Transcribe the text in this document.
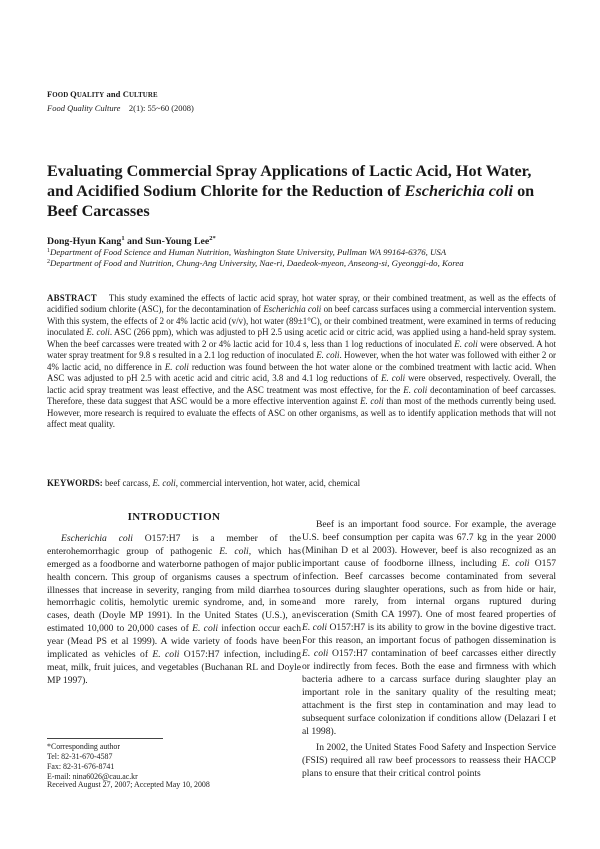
FOOD QUALITY and CULTURE
Food Quality Culture 2(1): 55~60 (2008)
Evaluating Commercial Spray Applications of Lactic Acid, Hot Water, and Acidified Sodium Chlorite for the Reduction of Escherichia coli on Beef Carcasses
Dong-Hyun Kang$^1$ and Sun-Young Lee$^{2*}$
$^1$Department of Food Science and Human Nutrition, Washington State University, Pullman WA 99164-6376, USA
$^2$Department of Food and Nutrition, Chung-Ang University, Nae-ri, Daedeok-myeon, Anseong-si, Gyeonggi-do, Korea
ABSTRACT This study examined the effects of lactic acid spray, hot water spray, or their combined treatment, as well as the effects of acidified sodium chlorite (ASC), for the decontamination of Escherichia coli on beef carcass surfaces using a commercial intervention system. With this system, the effects of 2 or 4% lactic acid (v/v), hot water (89±1°C), or their combined treatment, were examined in terms of reducing inoculated E. coli. ASC (266 ppm), which was adjusted to pH 2.5 using acetic acid or citric acid, was applied using a hand-held spray system. When the beef carcasses were treated with 2 or 4% lactic acid for 10.4 s, less than 1 log reductions of inoculated E. coli were observed. A hot water spray treatment for 9.8 s resulted in a 2.1 log reduction of inoculated E. coli. However, when the hot water was followed with either 2 or 4% lactic acid, no difference in E. coli reduction was found between the hot water alone or the combined treatment with lactic acid. When ASC was adjusted to pH 2.5 with acetic acid and citric acid, 3.8 and 4.1 log reductions of E. coli were observed, respectively. Overall, the lactic acid spray treatment was least effective, and the ASC treatment was most effective, for the E. coli decontamination of beef carcasses. Therefore, these data suggest that ASC would be a more effective intervention against E. coli than most of the methods currently being used. However, more research is required to evaluate the effects of ASC on other organisms, as well as to identify application methods that will not affect meat quality.
KEYWORDS: beef carcass, E. coli, commercial intervention, hot water, acid, chemical
INTRODUCTION

Escherichia coli O157:H7 is a member of the enterohemorrhagic group of pathogenic E. coli, which has emerged as a foodborne and waterborne pathogen of major public health concern. This group of organisms causes a spectrum of illnesses that increase in severity, ranging from mild diarrhea to hemorrhagic colitis, hemolytic uremic syndrome, and, in some cases, death (Doyle MP 1991). In the United States (U.S.), an estimated 10,000 to 20,000 cases of E. coli infection occur each year (Mead PS et al 1999). A wide variety of foods have been implicated as vehicles of E. coli O157:H7 infection, including meat, milk, fruit juices, and vegetables (Buchanan RL and Doyle MP 1997).

Beef is an important food source. For example, the average U.S. beef consumption per capita was 67.7 kg in the year 2000 (Minihan D et al 2003). However, beef is also recognized as an important cause of foodborne illness, including E. coli O157 infection. Beef carcasses become contaminated from several sources during slaughter operations, such as from hide or hair, and more rarely, from internal organs ruptured during evisceration (Smith CA 1997). One of most feared properties of E. coli O157:H7 is its ability to grow in the bovine digestive tract. For this reason, an important focus of pathogen dissemination is E. coli O157:H7 contamination of beef carcasses either directly or indirectly from feces. Both the ease and firmness with which bacteria adhere to a carcass surface during slaughter play an important role in the sanitary quality of the resulting meat; attachment is the first step in contamination and may lead to subsequent surface colonization if conditions allow (Delazari I et al 1998).

In 2002, the United States Food Safety and Inspection Service (FSIS) required all raw beef processors to reassess their HACCP plans to ensure that their critical control points

*Corresponding author
Tel: 82-31-670-4587
Fax: 82-31-676-8741
E-mail: nina6026@cau.ac.kr
Received August 27, 2007; Accepted May 10, 2008
